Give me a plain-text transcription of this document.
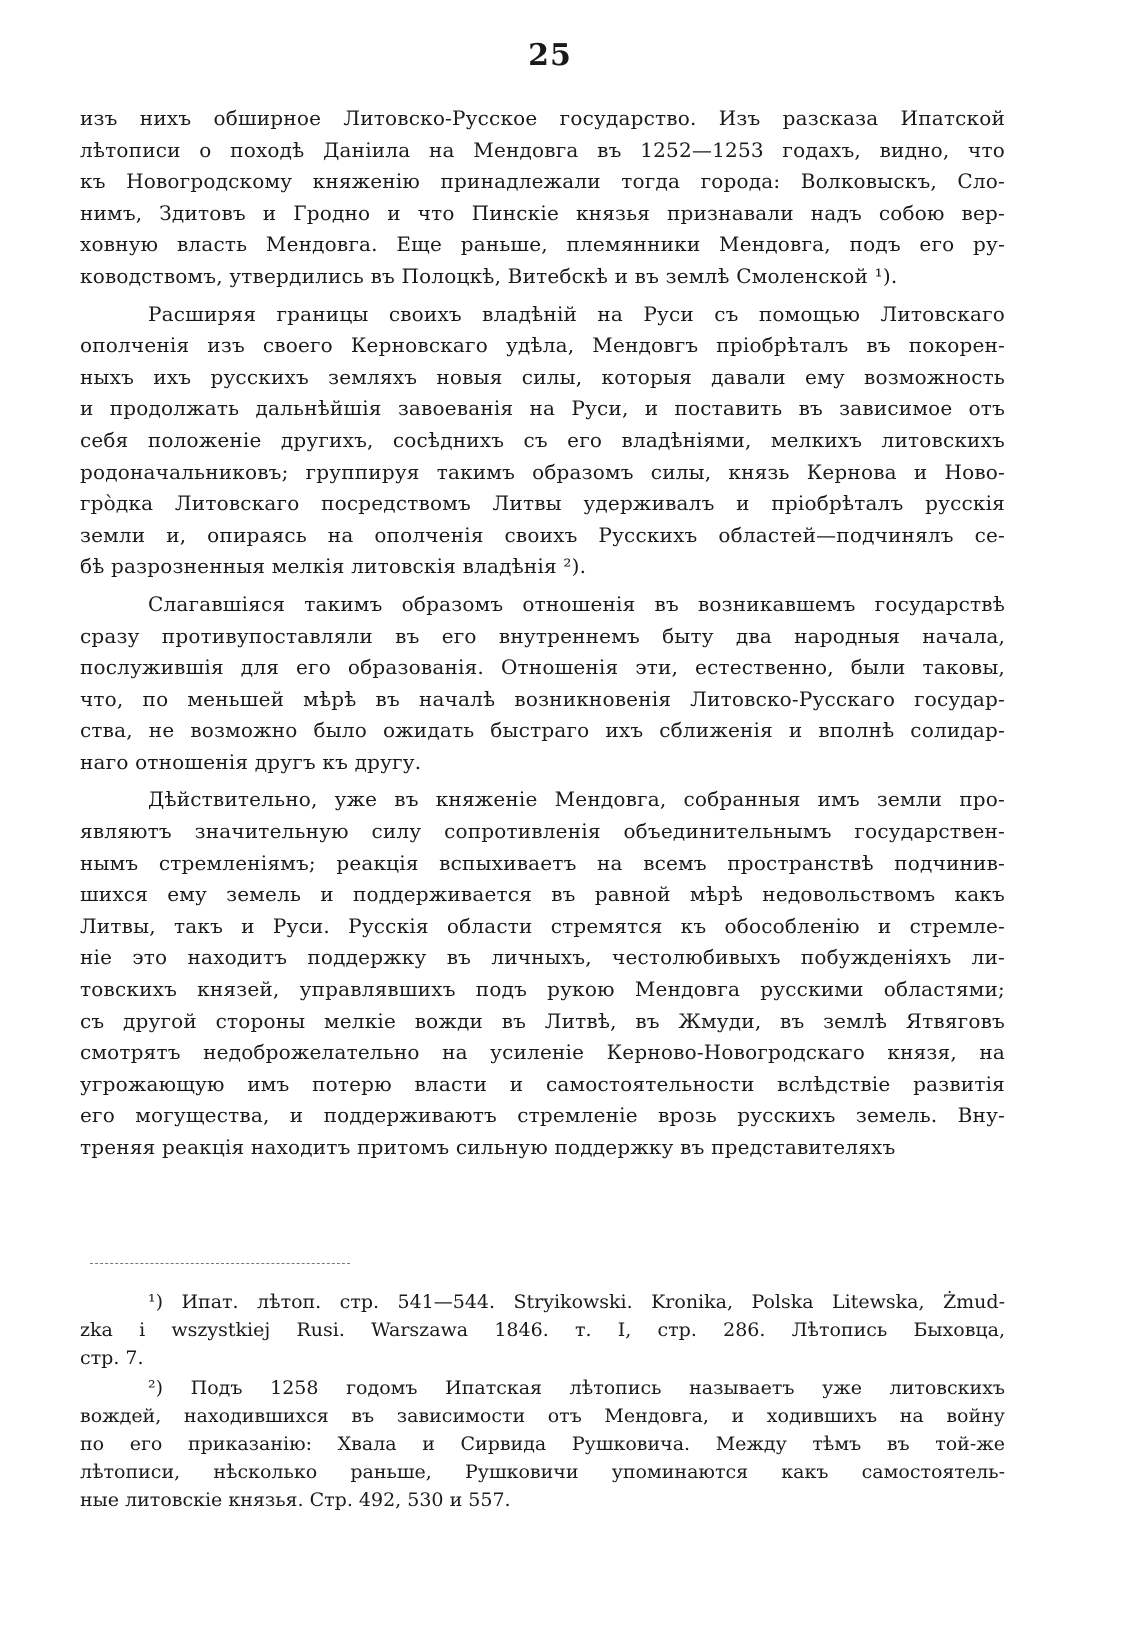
25
изъ нихъ обширное Литовско-Русское государство. Изъ разсказа Ипатской
лѣтописи о походѣ Даніила на Мендовга въ 1252—1253 годахъ, видно, что
къ Новогродскому княженію принадлежали тогда города: Волковыскъ, Сло-
нимъ, Здитовъ и Гродно и что Пинскіе князья признавали надъ собою вер-
ховную власть Мендовга. Еще раньше, племянники Мендовга, подъ его ру-
ководствомъ, утвердились въ Полоцкѣ, Витебскѣ и въ землѣ Смоленской ¹).
Расширяя границы своихъ владѣній на Руси съ помощью Литовскаго
ополченія изъ своего Керновскаго удѣла, Мендовгъ пріобрѣталъ въ покорен-
ныхъ ихъ русскихъ земляхъ новыя силы, которыя давали ему возможность
и продолжать дальнѣйшія завоеванія на Руси, и поставить въ зависимое отъ
себя положеніе другихъ, сосѣднихъ съ его владѣніями, мелкихъ литовскихъ
родоначальниковъ; группируя такимъ образомъ силы, князь Кернова и Ново-
грòдка Литовскаго посредствомъ Литвы удерживалъ и пріобрѣталъ русскія
земли и, опираясь на ополченія своихъ Русскихъ областей—подчинялъ се-
бѣ разрозненныя мелкія литовскія владѣнія ²).
Слагавшіяся такимъ образомъ отношенія въ возникавшемъ государствѣ
сразу противупоставляли въ его внутреннемъ быту два народныя начала,
послужившія для его образованія. Отношенія эти, естественно, были таковы,
что, по меньшей мѣрѣ въ началѣ возникновенія Литовско-Русскаго государ-
ства, не возможно было ожидать быстраго ихъ сближенія и вполнѣ солидар-
наго отношенія другъ къ другу.
Дѣйствительно, уже въ княженіе Мендовга, собранныя имъ земли про-
являютъ значительную силу сопротивленія объединительнымъ государствен-
нымъ стремленіямъ; реакція вспыхиваетъ на всемъ пространствѣ подчинив-
шихся ему земель и поддерживается въ равной мѣрѣ недовольствомъ какъ
Литвы, такъ и Руси. Русскія области стремятся къ обособленію и стремле-
ніе это находитъ поддержку въ личныхъ, честолюбивыхъ побужденіяхъ ли-
товскихъ князей, управлявшихъ подъ рукою Мендовга русскими областями;
съ другой стороны мелкіе вожди въ Литвѣ, въ Жмуди, въ землѣ Ятвяговъ
смотрятъ недоброжелательно на усиленіе Керново-Новогродскаго князя, на
угрожающую имъ потерю власти и самостоятельности вслѣдствіе развитія
его могущества, и поддерживаютъ стремленіе врозь русскихъ земель. Вну-
треняя реакція находитъ притомъ сильную поддержку въ представителяхъ
¹) Ипат. лѣтоп. стр. 541—544. Stryikowski. Kronika, Polska Litewska, Żmud-
zka i wszystkiej Rusi. Warszawa 1846. т. I, стр. 286. Лѣтопись Быховца,
стр. 7.
²) Подъ 1258 годомъ Ипатская лѣтопись называетъ уже литовскихъ
вождей, находившихся въ зависимости отъ Мендовга, и ходившихъ на войну
по его приказанію: Хвала и Сирвида Рушковича. Между тѣмъ въ той-же
лѣтописи, нѣсколько раньше, Рушковичи упоминаются какъ самостоятель-
ные литовскіе князья. Стр. 492, 530 и 557.
